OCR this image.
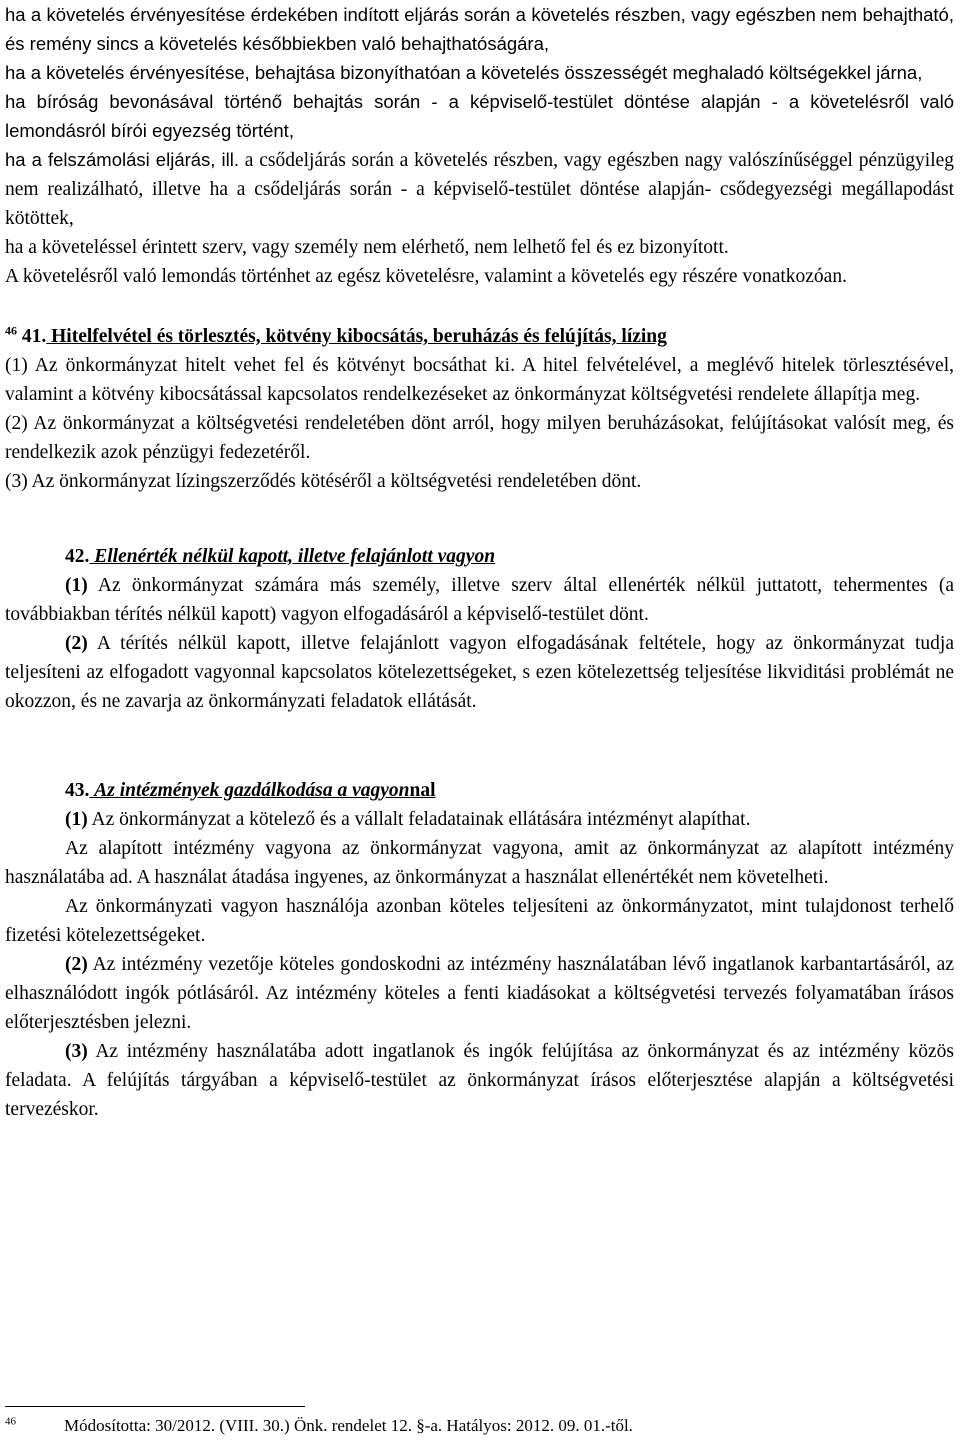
ha a követelés érvényesítése érdekében indított eljárás során a követelés részben, vagy egészben nem behajtható, és remény sincs a követelés későbbiekben való behajthatóságára,

ha a követelés érvényesítése, behajtása bizonyíthatóan a követelés összességét meghaladó költségekkel járna,

ha bíróság bevonásával történő behajtás során - a képviselő-testület döntése alapján - a követelésről való lemondásról bírói egyezség történt,

ha a felszámolási eljárás, ill. a csődeljárás során a követelés részben, vagy egészben nagy valószínűséggel pénzügyileg nem realizálható, illetve ha a csődeljárás során - a képviselő-testület döntése alapján- csődegyezségi megállapodást kötöttek,

ha a követeléssel érintett szerv, vagy személy nem elérhető, nem lelhető fel és ez bizonyított.

A követelésről való lemondás történhet az egész követelésre, valamint a követelés egy részére vonatkozóan.

$^{46}$ 41. Hitelfelvétel és törlesztés, kötvény kibocsátás, beruházás és felújítás, lízing

(1) Az önkormányzat hitelt vehet fel és kötvényt bocsáthat ki. A hitel felvételével, a meglévő hitelek törlesztésével, valamint a kötvény kibocsátással kapcsolatos rendelkezéseket az önkormányzat költségvetési rendelete állapítja meg.

(2) Az önkormányzat a költségvetési rendeletében dönt arról, hogy milyen beruházásokat, felújításokat valósít meg, és rendelkezik azok pénzügyi fedezetéről.

(3) Az önkormányzat lízingszerződés kötéséről a költségvetési rendeletében dönt.

42. Ellenérték nélkül kapott, illetve felajánlott vagyon

(1) Az önkormányzat számára más személy, illetve szerv által ellenérték nélkül juttatott, tehermentes (a továbbiakban térítés nélkül kapott) vagyon elfogadásáról a képviselő-testület dönt.

(2) A térítés nélkül kapott, illetve felajánlott vagyon elfogadásának feltétele, hogy az önkormányzat tudja teljesíteni az elfogadott vagyonnal kapcsolatos kötelezettségeket, s ezen kötelezettség teljesítése likviditási problémát ne okozzon, és ne zavarja az önkormányzati feladatok ellátását.

43. Az intézmények gazdálkodása a vagyonnal

(1) Az önkormányzat a kötelező és a vállalt feladatainak ellátására intézményt alapíthat.

Az alapított intézmény vagyona az önkormányzat vagyona, amit az önkormányzat az alapított intézmény használatába ad. A használat átadása ingyenes, az önkormányzat a használat ellenértékét nem követelheti.

Az önkormányzati vagyon használója azonban köteles teljesíteni az önkormányzatot, mint tulajdonost terhelő fizetési kötelezettségeket.

(2) Az intézmény vezetője köteles gondoskodni az intézmény használatában lévő ingatlanok karbantartásáról, az elhasználódott ingók pótlásáról. Az intézmény köteles a fenti kiadásokat a költségvetési tervezés folyamatában írásos előterjesztésben jelezni.

(3) Az intézmény használatába adott ingatlanok és ingók felújítása az önkormányzat és az intézmény közös feladata. A felújítás tárgyában a képviselő-testület az önkormányzat írásos előterjesztése alapján a költségvetési tervezéskor.

$^{46}$	Módosította: 30/2012. (VIII. 30.) Önk. rendelet 12. §-a. Hatályos: 2012. 09. 01.-től.
